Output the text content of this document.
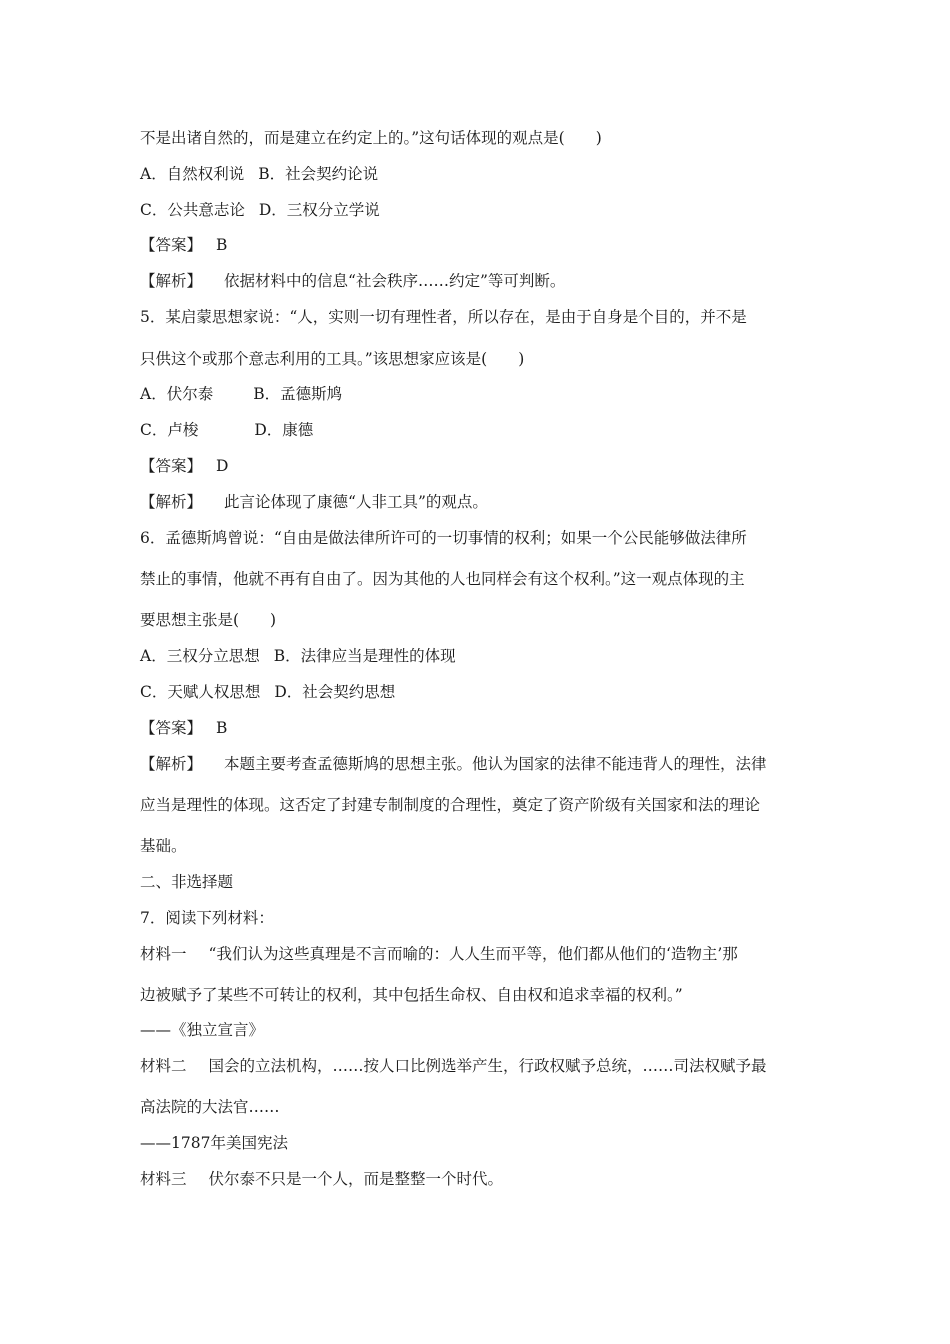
不是出诸自然的，而是建立在约定上的。”这句话体现的观点是(　　)
A．自然权利说 B．社会契约论说
C．公共意志论 D．三权分立学说
【答案】 B
【解析】 依据材料中的信息“社会秩序……约定”等可判断。
5．某启蒙思想家说：“人，实则一切有理性者，所以存在，是由于自身是个目的，并不是
只供这个或那个意志利用的工具。”该思想家应该是(　　)
A．伏尔泰	B．孟德斯鸠
C．卢梭	D．康德
【答案】 D
【解析】 此言论体现了康德“人非工具”的观点。
6．孟德斯鸠曾说：“自由是做法律所许可的一切事情的权利；如果一个公民能够做法律所
禁止的事情，他就不再有自由了。因为其他的人也同样会有这个权利。”这一观点体现的主
要思想主张是(　　)
A．三权分立思想 B．法律应当是理性的体现
C．天赋人权思想 D．社会契约思想
【答案】 B
【解析】 本题主要考查孟德斯鸠的思想主张。他认为国家的法律不能违背人的理性，法律
应当是理性的体现。这否定了封建专制制度的合理性，奠定了资产阶级有关国家和法的理论
基础。
二、非选择题
7．阅读下列材料：
材料一 “我们认为这些真理是不言而喻的：人人生而平等，他们都从他们的‘造物主’那
边被赋予了某些不可转让的权利，其中包括生命权、自由权和追求幸福的权利。”
——《独立宣言》
材料二 国会的立法机构，……按人口比例选举产生，行政权赋予总统，……司法权赋予最
高法院的大法官……
——1787年美国宪法
材料三 伏尔泰不只是一个人，而是整整一个时代。
